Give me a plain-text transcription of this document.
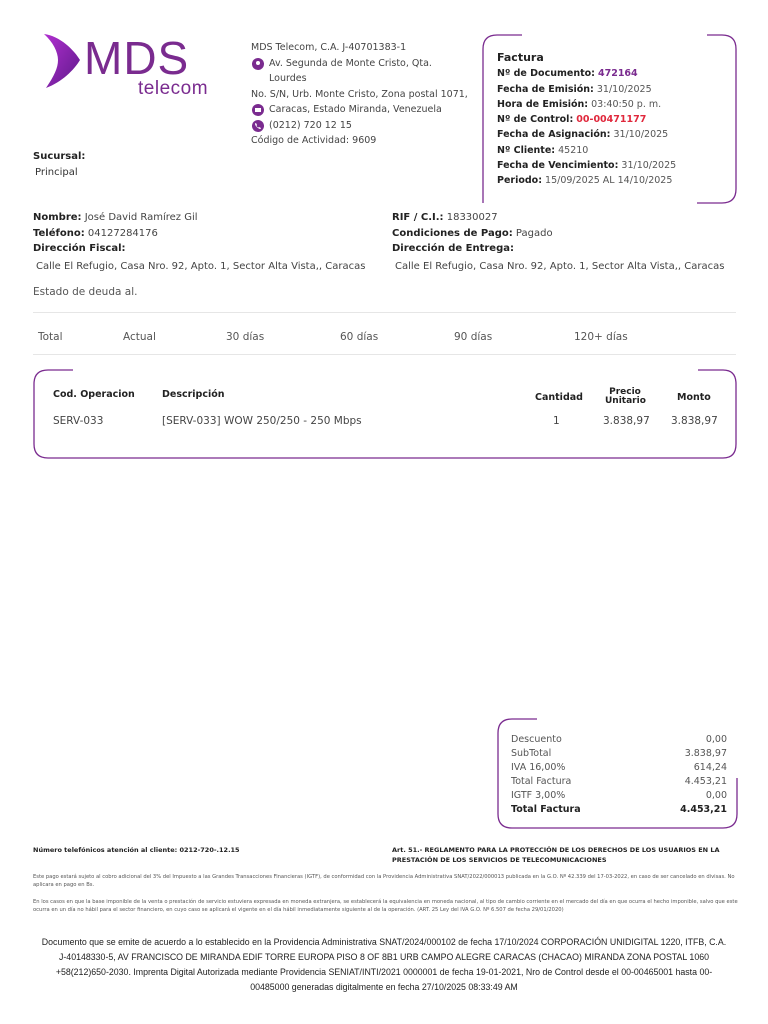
MDS
telecom
MDS Telecom, C.A. J-40701383-1
Av. Segunda de Monte Cristo, Qta. Lourdes
No. S/N, Urb. Monte Cristo, Zona postal 1071,
Caracas, Estado Miranda, Venezuela
(0212) 720 12 15
Código de Actividad: 9609
Factura
Nº de Documento: 472164
Fecha de Emisión: 31/10/2025
Hora de Emisión: 03:40:50 p. m.
Nº de Control: 00-00471177
Fecha de Asignación: 31/10/2025
Nº Cliente: 45210
Fecha de Vencimiento: 31/10/2025
Periodo: 15/09/2025 AL 14/10/2025
Sucursal:
Principal
Nombre: José David Ramírez Gil
Teléfono: 04127284176
Dirección Fiscal:
Calle El Refugio, Casa Nro. 92, Apto. 1, Sector Alta Vista,, Caracas
RIF / C.I.: 18330027
Condiciones de Pago: Pagado
Dirección de Entrega:
Calle El Refugio, Casa Nro. 92, Apto. 1, Sector Alta Vista,, Caracas
Estado de deuda al.
Total	Actual	30 días	60 días	90 días	120+ días
Cod. Operacion	Descripción	Cantidad	Precio
Unitario	Monto
SERV-033	[SERV-033] WOW 250/250 - 250 Mbps	1	3.838,97 3.838,97
Descuento	0,00
SubTotal	3.838,97
IVA 16,00%	614,24
Total Factura	4.453,21
IGTF 3,00%	0,00
Total Factura	4.453,21
Número telefónicos atención al cliente: 0212-720-.12.15	Art. 51.- REGLAMENTO PARA LA PROTECCIÓN DE LOS DERECHOS DE LOS USUARIOS EN LA PRESTACIÓN DE LOS SERVICIOS DE TELECOMUNICACIONES
Este pago estará sujeto al cobro adicional del 3% del Impuesto a las Grandes Transacciones Financieras (IGTF), de conformidad con la Providencia Administrativa SNAT/2022/000013 publicada en la G.O. Nº 42.339 del 17-03-2022, en caso de ser cancelado en divisas. No aplicara en pago en Bs.
En los casos en que la base imponible de la venta o prestación de servicio estuviera expresada en moneda extranjera, se establecerá la equivalencia en moneda nacional, al tipo de cambio corriente en el mercado del día en que ocurra el hecho imponible, salvo que este ocurra en un día no hábil para el sector financiero, en cuyo caso se aplicará el vigente en el día hábil inmediatamente siguiente al de la operación. (ART. 25 Ley del IVA G.O. Nº 6.507 de fecha 29/01/2020)
Documento que se emite de acuerdo a lo establecido en la Providencia Administrativa SNAT/2024/000102 de fecha 17/10/2024 CORPORACIÓN UNIDIGITAL 1220, ITFB, C.A. J-40148330-5, AV FRANCISCO DE MIRANDA EDIF TORRE EUROPA PISO 8 OF 8B1 URB CAMPO ALEGRE CARACAS (CHACAO) MIRANDA ZONA POSTAL 1060 +58(212)650-2030. Imprenta Digital Autorizada mediante Providencia SENIAT/INTI/2021 0000001 de fecha 19-01-2021, Nro de Control desde el 00-00465001 hasta 00-00485000 generadas digitalmente en fecha 27/10/2025 08:33:49 AM
